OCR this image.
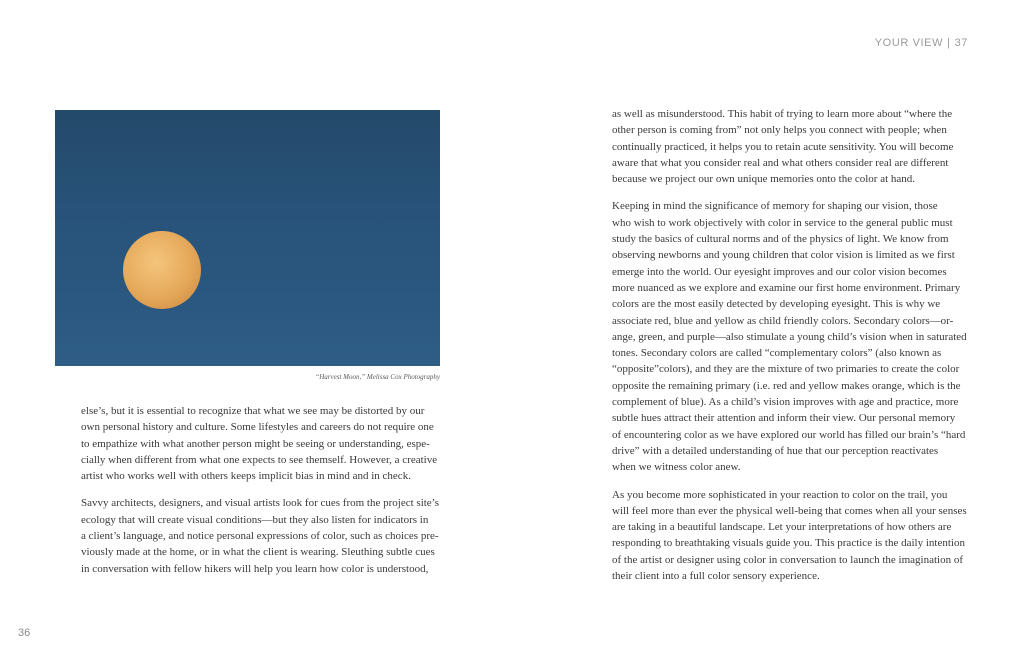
YOUR VIEW | 37
“Harvest Moon,” Melissa Cox Photography

else’s, but it is essential to recognize that what we see may be distorted by our
own personal history and culture. Some lifestyles and careers do not require one
to empathize with what another person might be seeing or understanding, espe-
cially when different from what one expects to see themself. However, a creative
artist who works well with others keeps implicit bias in mind and in check.

Savvy architects, designers, and visual artists look for cues from the project site’s
ecology that will create visual conditions—but they also listen for indicators in
a client’s language, and notice personal expressions of color, such as choices pre-
viously made at the home, or in what the client is wearing. Sleuthing subtle cues
in conversation with fellow hikers will help you learn how color is understood,

as well as misunderstood. This habit of trying to learn more about “where the
other person is coming from” not only helps you connect with people; when
continually practiced, it helps you to retain acute sensitivity. You will become
aware that what you consider real and what others consider real are different
because we project our own unique memories onto the color at hand.

Keeping in mind the significance of memory for shaping our vision, those
who wish to work objectively with color in service to the general public must
study the basics of cultural norms and of the physics of light. We know from
observing newborns and young children that color vision is limited as we first
emerge into the world. Our eyesight improves and our color vision becomes
more nuanced as we explore and examine our first home environment. Primary
colors are the most easily detected by developing eyesight. This is why we
associate red, blue and yellow as child friendly colors. Secondary colors—or-
ange, green, and purple—also stimulate a young child’s vision when in saturated
tones. Secondary colors are called “complementary colors” (also known as
“opposite”colors), and they are the mixture of two primaries to create the color
opposite the remaining primary (i.e. red and yellow makes orange, which is the
complement of blue). As a child’s vision improves with age and practice, more
subtle hues attract their attention and inform their view. Our personal memory
of encountering color as we have explored our world has filled our brain’s “hard
drive” with a detailed understanding of hue that our perception reactivates
when we witness color anew.

As you become more sophisticated in your reaction to color on the trail, you
will feel more than ever the physical well-being that comes when all your senses
are taking in a beautiful landscape. Let your interpretations of how others are
responding to breathtaking visuals guide you. This practice is the daily intention
of the artist or designer using color in conversation to launch the imagination of
their client into a full color sensory experience.

36
